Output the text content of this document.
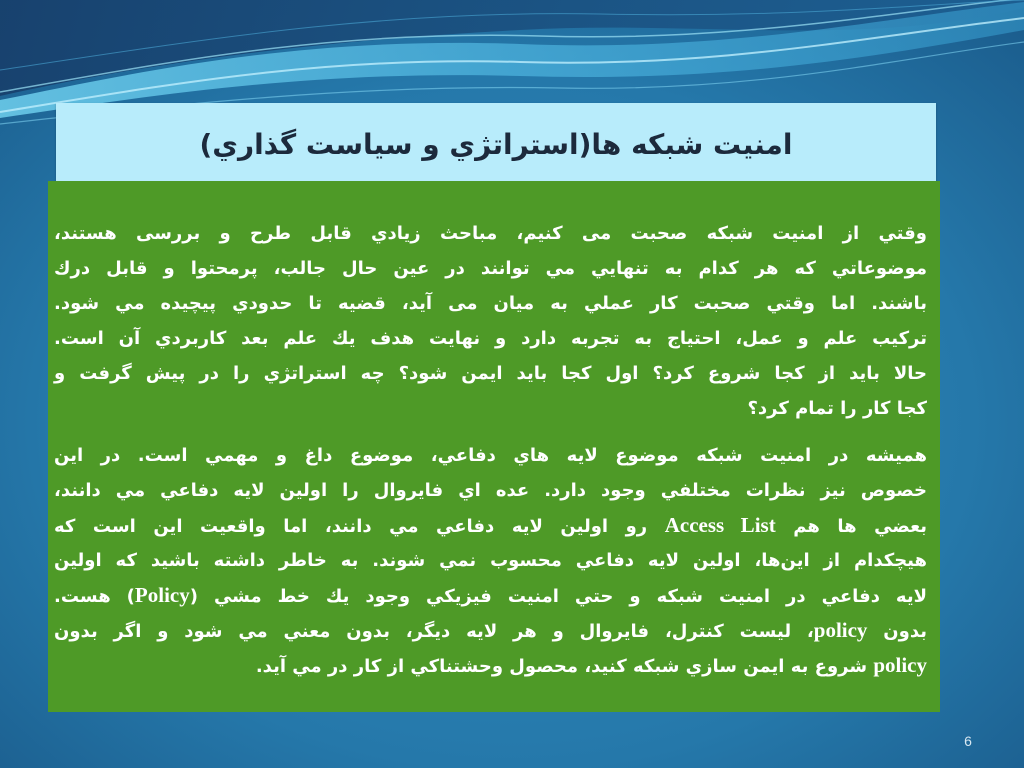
امنيت شبکه ها(استراتژي و سياست گذاري)
وقتي از امنيت شبکه صحبت می کنيم، مباحث زيادي قابل طرح و بررسی هستند،
موضوعاتي که هر کدام به تنهايي مي توانند در عين حال جالب، پرمحتوا و قابل درك
باشند. اما وقتي صحبت کار عملي به ميان می آيد، قضيه تا حدودي پيچيده مي شود.
ترکيب علم و عمل، احتياج به تجربه دارد و نهايت هدف يك علم بعد کاربردي آن است.
حالا بايد از کجا شروع کرد؟ اول کجا بايد ايمن شود؟ چه استراتژي را در پيش گرفت و
کجا کار را تمام کرد؟
هميشه در امنيت شبکه موضوع لايه هاي دفاعي، موضوع داغ و مهمي است. در اين
خصوص نيز نظرات مختلفي وجود دارد. عده اي فايروال را اولين لايه دفاعي مي دانند،
بعضي ها هم Access List رو اولين لايه دفاعي مي دانند، اما واقعيت اين است که
هيچکدام از اين‌ها، اولين لايه دفاعي محسوب نمي شوند. به خاطر داشته باشيد که اولين
لايه دفاعي در امنيت شبکه و حتي امنيت فيزيکي وجود يك خط مشي (Policy) هست.
بدون policy، ليست کنترل، فايروال و هر لايه ديگر، بدون معني مي شود و اگر بدون
policy شروع به ايمن سازي شبکه کنيد، محصول وحشتناکي از کار در مي آيد.
6
